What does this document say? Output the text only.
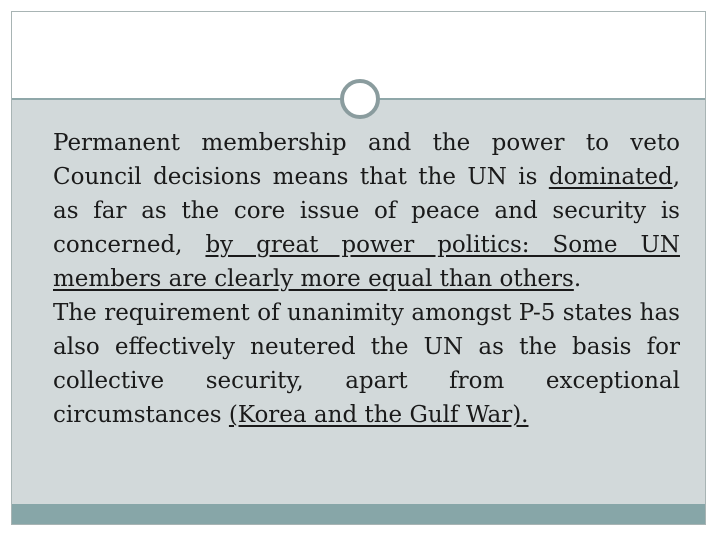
Permanent membership and the power to veto Council decisions means that the UN is dominated, as far as the core issue of peace and security is concerned, by great power politics: Some UN members are clearly more equal than others.

The requirement of unanimity amongst P-5 states has also effectively neutered the UN as the basis for collective security, apart from exceptional circumstances (Korea and the Gulf War).
